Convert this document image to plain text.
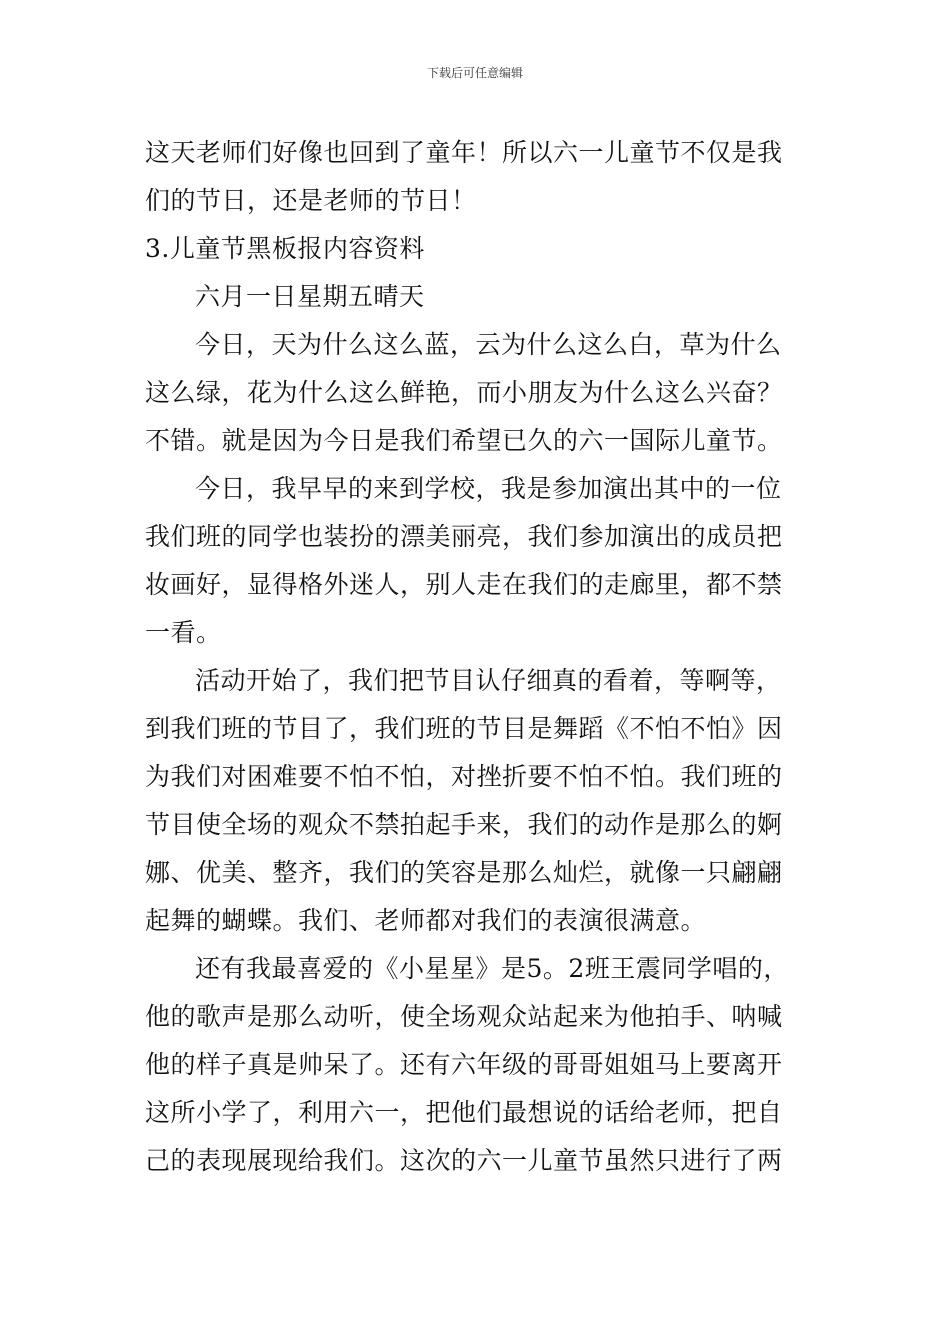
下载后可任意编辑
这天老师们好像也回到了童年！所以六一儿童节不仅是我
们的节日，还是老师的节日！
3.儿童节黑板报内容资料
六月一日星期五晴天
今日，天为什么这么蓝，云为什么这么白，草为什么
这么绿，花为什么这么鲜艳，而小朋友为什么这么兴奋？
不错。就是因为今日是我们希望已久的六一国际儿童节。
今日，我早早的来到学校，我是参加演出其中的一位
我们班的同学也装扮的漂美丽亮，我们参加演出的成员把
妆画好，显得格外迷人，别人走在我们的走廊里，都不禁
一看。
活动开始了，我们把节目认仔细真的看着，等啊等，
到我们班的节目了，我们班的节目是舞蹈《不怕不怕》因
为我们对困难要不怕不怕，对挫折要不怕不怕。我们班的
节目使全场的观众不禁拍起手来，我们的动作是那么的婀
娜、优美、整齐，我们的笑容是那么灿烂，就像一只翩翩
起舞的蝴蝶。我们、老师都对我们的表演很满意。
还有我最喜爱的《小星星》是5。2班王震同学唱的，
他的歌声是那么动听，使全场观众站起来为他拍手、呐喊
他的样子真是帅呆了。还有六年级的哥哥姐姐马上要离开
这所小学了，利用六一，把他们最想说的话给老师，把自
己的表现展现给我们。这次的六一儿童节虽然只进行了两
